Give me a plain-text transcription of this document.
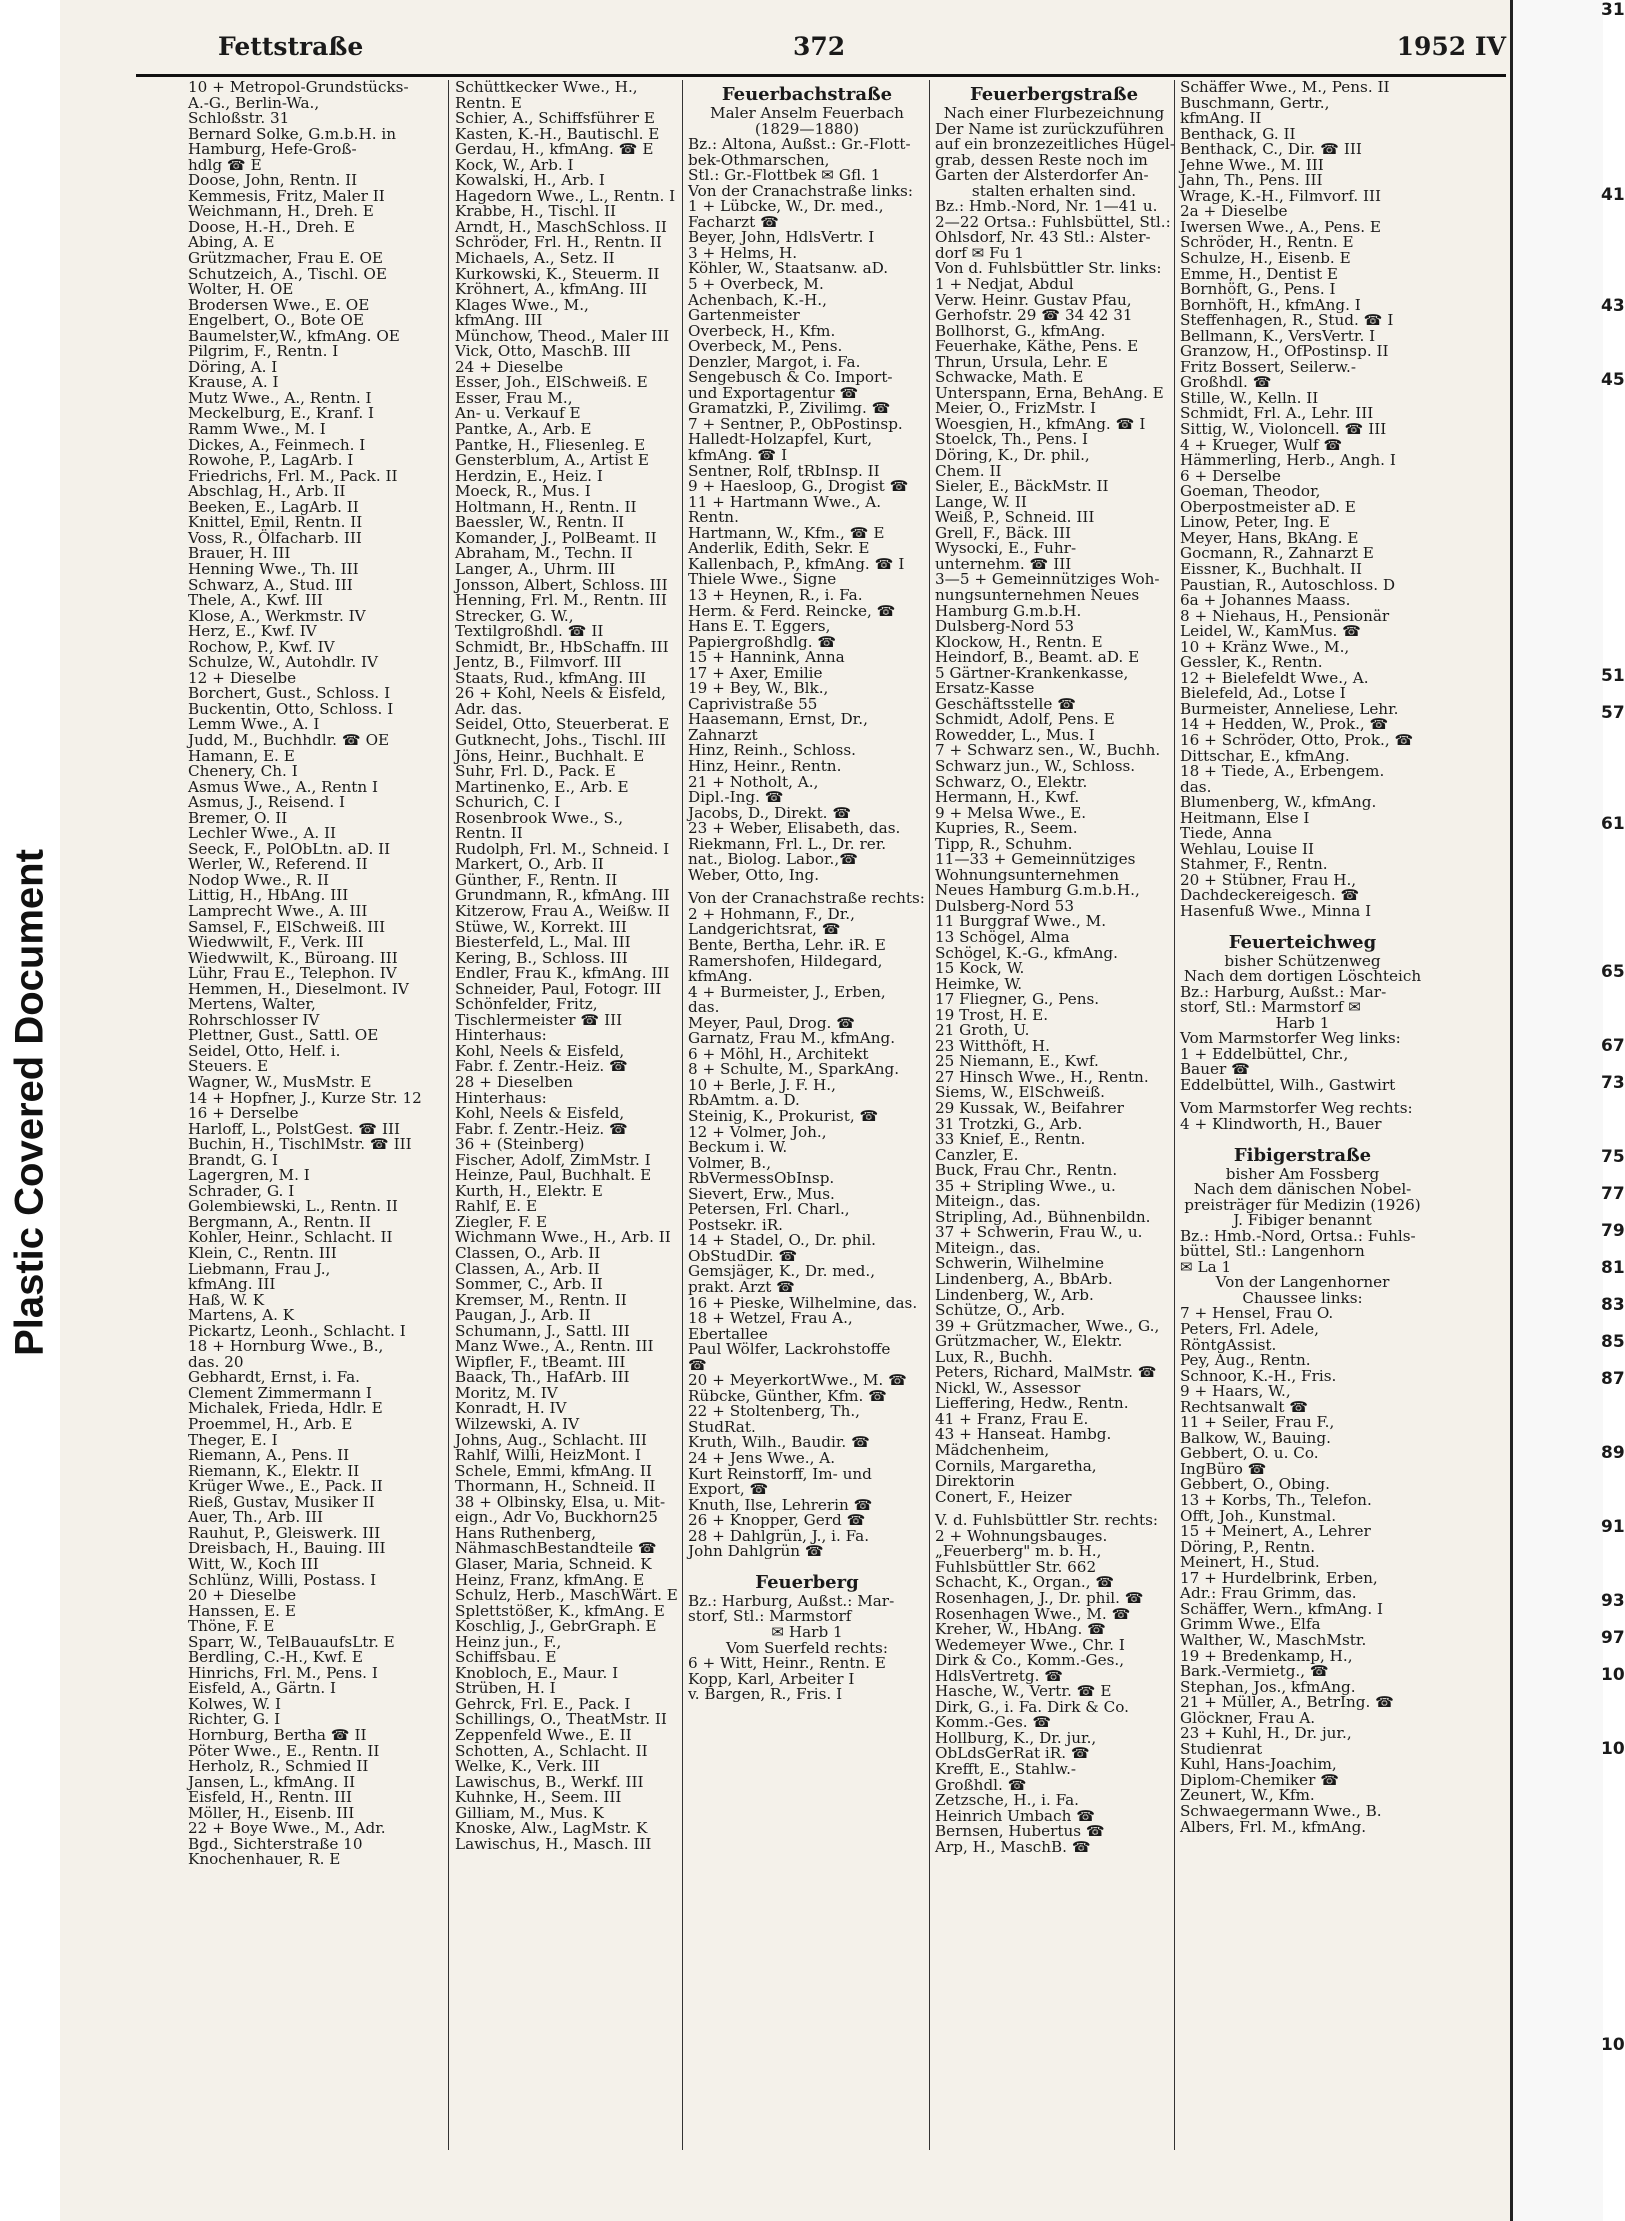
Plastic Covered Document
Fettstraße	372	1952 IV
10 + Metropol-Grundstücks-
A.-G., Berlin-Wa.,
Schloßstr. 31
Bernard Solke, G.m.b.H. in
Hamburg, Hefe-Groß-
hdlg ☎ E
Doose, John, Rentn. II
Kemmesis, Fritz, Maler II
Weichmann, H., Dreh. E
Doose, H.-H., Dreh. E
Abing, A. E
Grützmacher, Frau E. OE
Schutzeich, A., Tischl. OE
Wolter, H. OE
Brodersen Wwe., E. OE
Engelbert, O., Bote OE
Baumelster,W., kfmAng. OE
Pilgrim, F., Rentn. I
Döring, A. I
Krause, A. I
Mutz Wwe., A., Rentn. I
Meckelburg, E., Kranf. I
Ramm Wwe., M. I
Dickes, A., Feinmech. I
Rowohe, P., LagArb. I
Friedrichs, Frl. M., Pack. II
Abschlag, H., Arb. II
Beeken, E., LagArb. II
Knittel, Emil, Rentn. II
Voss, R., Ölfacharb. III
Brauer, H. III
Henning Wwe., Th. III
Schwarz, A., Stud. III
Thele, A., Kwf. III
Klose, A., Werkmstr. IV
Herz, E., Kwf. IV
Rochow, P., Kwf. IV
Schulze, W., Autohdlr. IV
12 + Dieselbe
Borchert, Gust., Schloss. I
Buckentin, Otto, Schloss. I
Lemm Wwe., A. I
Judd, M., Buchhdlr. ☎ OE
Hamann, E. E
Chenery, Ch. I
Asmus Wwe., A., Rentn I
Asmus, J., Reisend. I
Bremer, O. II
Lechler Wwe., A. II
Seeck, F., PolObLtn. aD. II
Werler, W., Referend. II
Nodop Wwe., R. II
Littig, H., HbAng. III
Lamprecht Wwe., A. III
Samsel, F., ElSchweiß. III
Wiedwwilt, F., Verk. III
Wiedwwilt, K., Büroang. III
Lühr, Frau E., Telephon. IV
Hemmen, H., Dieselmont. IV
Mertens, Walter,
Rohrschlosser IV
Plettner, Gust., Sattl. OE
Seidel, Otto, Helf. i.
Steuers. E
Wagner, W., MusMstr. E
14 + Hopfner, J., Kurze Str. 12
16 + Derselbe
Harloff, L., PolstGest. ☎ III
Buchin, H., TischlMstr. ☎ III
Brandt, G. I
Lagergren, M. I
Schrader, G. I
Golembiewski, L., Rentn. II
Bergmann, A., Rentn. II
Kohler, Heinr., Schlacht. II
Klein, C., Rentn. III
Liebmann, Frau J.,
kfmAng. III
Haß, W. K
Martens, A. K
Pickartz, Leonh., Schlacht. I
18 + Hornburg Wwe., B.,
das. 20
Gebhardt, Ernst, i. Fa.
Clement Zimmermann I
Michalek, Frieda, Hdlr. E
Proemmel, H., Arb. E
Theger, E. I
Riemann, A., Pens. II
Riemann, K., Elektr. II
Krüger Wwe., E., Pack. II
Rieß, Gustav, Musiker II
Auer, Th., Arb. III
Rauhut, P., Gleiswerk. III
Dreisbach, H., Bauing. III
Witt, W., Koch III
Schlünz, Willi, Postass. I
20 + Dieselbe
Hanssen, E. E
Thöne, F. E
Sparr, W., TelBauaufsLtr. E
Berdling, C.-H., Kwf. E
Hinrichs, Frl. M., Pens. I
Eisfeld, A., Gärtn. I
Kolwes, W. I
Richter, G. I
Hornburg, Bertha ☎ II
Pöter Wwe., E., Rentn. II
Herholz, R., Schmied II
Jansen, L., kfmAng. II
Eisfeld, H., Rentn. III
Möller, H., Eisenb. III
22 + Boye Wwe., M., Adr.
Bgd., Sichterstraße 10
Knochenhauer, R. E
Schüttkecker Wwe., H.,
Rentn. E
Schier, A., Schiffsführer E
Kasten, K.-H., Bautischl. E
Gerdau, H., kfmAng. ☎ E
Kock, W., Arb. I
Kowalski, H., Arb. I
Hagedorn Wwe., L., Rentn. I
Krabbe, H., Tischl. II
Arndt, H., MaschSchloss. II
Schröder, Frl. H., Rentn. II
Michaels, A., Setz. II
Kurkowski, K., Steuerm. II
Kröhnert, A., kfmAng. III
Klages Wwe., M.,
kfmAng. III
Münchow, Theod., Maler III
Vick, Otto, MaschB. III
24 + Dieselbe
Esser, Joh., ElSchweiß. E
Esser, Frau M.,
An- u. Verkauf E
Pantke, A., Arb. E
Pantke, H., Fliesenleg. E
Gensterblum, A., Artist E
Herdzin, E., Heiz. I
Moeck, R., Mus. I
Holtmann, H., Rentn. II
Baessler, W., Rentn. II
Komander, J., PolBeamt. II
Abraham, M., Techn. II
Langer, A., Uhrm. III
Jonsson, Albert, Schloss. III
Henning, Frl. M., Rentn. III
Strecker, G. W.,
Textilgroßhdl. ☎ II
Schmidt, Br., HbSchaffn. III
Jentz, B., Filmvorf. III
Staats, Rud., kfmAng. III
26 + Kohl, Neels & Eisfeld,
Adr. das.
Seidel, Otto, Steuerberat. E
Gutknecht, Johs., Tischl. III
Jöns, Heinr., Buchhalt. E
Suhr, Frl. D., Pack. E
Martinenko, E., Arb. E
Schurich, C. I
Rosenbrook Wwe., S.,
Rentn. II
Rudolph, Frl. M., Schneid. I
Markert, O., Arb. II
Günther, F., Rentn. II
Grundmann, R., kfmAng. III
Kitzerow, Frau A., Weißw. II
Stüwe, W., Korrekt. III
Biesterfeld, L., Mal. III
Kering, B., Schloss. III
Endler, Frau K., kfmAng. III
Schneider, Paul, Fotogr. III
Schönfelder, Fritz,
Tischlermeister ☎ III
Hinterhaus:
Kohl, Neels & Eisfeld,
Fabr. f. Zentr.-Heiz. ☎
28 + Dieselben
Hinterhaus:
Kohl, Neels & Eisfeld,
Fabr. f. Zentr.-Heiz. ☎
36 + (Steinberg)
Fischer, Adolf, ZimMstr. I
Heinze, Paul, Buchhalt. E
Kurth, H., Elektr. E
Rahlf, E. E
Ziegler, F. E
Wichmann Wwe., H., Arb. II
Classen, O., Arb. II
Classen, A., Arb. II
Sommer, C., Arb. II
Kremser, M., Rentn. II
Paugan, J., Arb. II
Schumann, J., Sattl. III
Manz Wwe., A., Rentn. III
Wipfler, F., tBeamt. III
Baack, Th., HafArb. III
Moritz, M. IV
Konradt, H. IV
Wilzewski, A. IV
Johns, Aug., Schlacht. III
Rahlf, Willi, HeizMont. I
Schele, Emmi, kfmAng. II
Thormann, H., Schneid. II
38 + Olbinsky, Elsa, u. Mit-
eign., Adr Vo, Buckhorn25
Hans Ruthenberg,
NähmaschBestandteile ☎
Glaser, Maria, Schneid. K
Heinz, Franz, kfmAng. E
Schulz, Herb., MaschWärt. E
Splettstößer, K., kfmAng. E
Koschlig, J., GebrGraph. E
Heinz jun., F.,
Schiffsbau. E
Knobloch, E., Maur. I
Strüben, H. I
Gehrck, Frl. E., Pack. I
Schillings, O., TheatMstr. II
Zeppenfeld Wwe., E. II
Schotten, A., Schlacht. II
Welke, K., Verk. III
Lawischus, B., Werkf. III
Kuhnke, H., Seem. III
Gilliam, M., Mus. K
Knoske, Alw., LagMstr. K
Lawischus, H., Masch. III
Feuerbachstraße
Maler Anselm Feuerbach
(1829—1880)
Bz.: Altona, Außst.: Gr.-Flott-
bek-Othmarschen,
Stl.: Gr.-Flottbek ✉ Gfl. 1
Von der Cranachstraße links:
1 + Lübcke, W., Dr. med.,
Facharzt ☎
Beyer, John, HdlsVertr. I
3 + Helms, H.
Köhler, W., Staatsanw. aD.
5 + Overbeck, M.
Achenbach, K.-H.,
Gartenmeister
Overbeck, H., Kfm.
Overbeck, M., Pens.
Denzler, Margot, i. Fa.
Sengebusch & Co. Import-
und Exportagentur ☎
Gramatzki, P., Zivilimg. ☎
7 + Sentner, P., ObPostinsp.
Halledt-Holzapfel, Kurt,
kfmAng. ☎ I
Sentner, Rolf, tRbInsp. II
9 + Haesloop, G., Drogist ☎
11 + Hartmann Wwe., A.
Rentn.
Hartmann, W., Kfm., ☎ E
Anderlik, Edith, Sekr. E
Kallenbach, P., kfmAng. ☎ I
Thiele Wwe., Signe
13 + Heynen, R., i. Fa.
Herm. & Ferd. Reincke, ☎
Hans E. T. Eggers,
Papiergroßhdlg. ☎
15 + Hannink, Anna
17 + Axer, Emilie
19 + Bey, W., Blk.,
Caprivistraße 55
Haasemann, Ernst, Dr.,
Zahnarzt
Hinz, Reinh., Schloss.
Hinz, Heinr., Rentn.
21 + Notholt, A.,
Dipl.-Ing. ☎
Jacobs, D., Direkt. ☎
23 + Weber, Elisabeth, das.
Riekmann, Frl. L., Dr. rer.
nat., Biolog. Labor.,☎
Weber, Otto, Ing.
Von der Cranachstraße rechts:
2 + Hohmann, F., Dr.,
Landgerichtsrat, ☎
Bente, Bertha, Lehr. iR. E
Ramershofen, Hildegard,
kfmAng.
4 + Burmeister, J., Erben,
das.
Meyer, Paul, Drog. ☎
Garnatz, Frau M., kfmAng.
6 + Möhl, H., Architekt
8 + Schulte, M., SparkAng.
10 + Berle, J. F. H.,
RbAmtm. a. D.
Steinig, K., Prokurist, ☎
12 + Volmer, Joh.,
Beckum i. W.
Volmer, B.,
RbVermessObInsp.
Sievert, Erw., Mus.
Petersen, Frl. Charl.,
Postsekr. iR.
14 + Stadel, O., Dr. phil.
ObStudDir. ☎
Gemsjäger, K., Dr. med.,
prakt. Arzt ☎
16 + Pieske, Wilhelmine, das.
18 + Wetzel, Frau A.,
Ebertallee
Paul Wölfer, Lackrohstoffe
☎
20 + MeyerkortWwe., M. ☎
Rübcke, Günther, Kfm. ☎
22 + Stoltenberg, Th.,
StudRat.
Kruth, Wilh., Baudir. ☎
24 + Jens Wwe., A.
Kurt Reinstorff, Im- und
Export, ☎
Knuth, Ilse, Lehrerin ☎
26 + Knopper, Gerd ☎
28 + Dahlgrün, J., i. Fa.
John Dahlgrün ☎
Feuerberg
Bz.: Harburg, Außst.: Mar-
storf, Stl.: Marmstorf
✉ Harb 1
Vom Suerfeld rechts:
6 + Witt, Heinr., Rentn. E
Kopp, Karl, Arbeiter I
v. Bargen, R., Fris. I
Feuerbergstraße
Nach einer Flurbezeichnung
Der Name ist zurückzuführen
auf ein bronzezeitliches Hügel-
grab, dessen Reste noch im
Garten der Alsterdorfer An-
stalten erhalten sind.
Bz.: Hmb.-Nord, Nr. 1—41 u.
2—22 Ortsa.: Fuhlsbüttel, Stl.:
Ohlsdorf, Nr. 43 Stl.: Alster-
dorf ✉ Fu 1
Von d. Fuhlsbüttler Str. links:
1 + Nedjat, Abdul
Verw. Heinr. Gustav Pfau,
Gerhofstr. 29 ☎ 34 42 31
Bollhorst, G., kfmAng.
Feuerhake, Käthe, Pens. E
Thrun, Ursula, Lehr. E
Schwacke, Math. E
Unterspann, Erna, BehAng. E
Meier, O., FrizMstr. I
Woesgien, H., kfmAng. ☎ I
Stoelck, Th., Pens. I
Döring, K., Dr. phil.,
Chem. II
Sieler, E., BäckMstr. II
Lange, W. II
Weiß, P., Schneid. III
Grell, F., Bäck. III
Wysocki, E., Fuhr-
unternehm. ☎ III
3—5 + Gemeinnütziges Woh-
nungsunternehmen Neues
Hamburg G.m.b.H.
Dulsberg-Nord 53
Klockow, H., Rentn. E
Heindorf, B., Beamt. aD. E
5 Gärtner-Krankenkasse,
Ersatz-Kasse
Geschäftsstelle ☎
Schmidt, Adolf, Pens. E
Rowedder, L., Mus. I
7 + Schwarz sen., W., Buchh.
Schwarz jun., W., Schloss.
Schwarz, O., Elektr.
Hermann, H., Kwf.
9 + Melsa Wwe., E.
Kupries, R., Seem.
Tipp, R., Schuhm.
11—33 + Gemeinnütziges
Wohnungsunternehmen
Neues Hamburg G.m.b.H.,
Dulsberg-Nord 53
11 Burggraf Wwe., M.
13 Schögel, Alma
Schögel, K.-G., kfmAng.
15 Kock, W.
Heimke, W.
17 Fliegner, G., Pens.
19 Trost, H. E.
21 Groth, U.
23 Witthöft, H.
25 Niemann, E., Kwf.
27 Hinsch Wwe., H., Rentn.
Siems, W., ElSchweiß.
29 Kussak, W., Beifahrer
31 Trotzki, G., Arb.
33 Knief, E., Rentn.
Canzler, E.
Buck, Frau Chr., Rentn.
35 + Stripling Wwe., u.
Miteign., das.
Stripling, Ad., Bühnenbildn.
37 + Schwerin, Frau W., u.
Miteign., das.
Schwerin, Wilhelmine
Lindenberg, A., BbArb.
Lindenberg, W., Arb.
Schütze, O., Arb.
39 + Grützmacher, Wwe., G.,
Grützmacher, W., Elektr.
Lux, R., Buchh.
Peters, Richard, MalMstr. ☎
Nickl, W., Assessor
Lieffering, Hedw., Rentn.
41 + Franz, Frau E.
43 + Hanseat. Hambg.
Mädchenheim,
Cornils, Margaretha,
Direktorin
Conert, F., Heizer
V. d. Fuhlsbüttler Str. rechts:
2 + Wohnungsbauges.
„Feuerberg" m. b. H.,
Fuhlsbüttler Str. 662
Schacht, K., Organ., ☎
Rosenhagen, J., Dr. phil. ☎
Rosenhagen Wwe., M. ☎
Kreher, W., HbAng. ☎
Wedemeyer Wwe., Chr. I
Dirk & Co., Komm.-Ges.,
HdlsVertretg. ☎
Hasche, W., Vertr. ☎ E
Dirk, G., i. Fa. Dirk & Co.
Komm.-Ges. ☎
Hollburg, K., Dr. jur.,
ObLdsGerRat iR. ☎
Krefft, E., Stahlw.-
Großhdl. ☎
Zetzsche, H., i. Fa.
Heinrich Umbach ☎
Bernsen, Hubertus ☎
Arp, H., MaschB. ☎
Schäffer Wwe., M., Pens. II
Buschmann, Gertr.,
kfmAng. II
Benthack, G. II
Benthack, C., Dir. ☎ III
Jehne Wwe., M. III
Jahn, Th., Pens. III
Wrage, K.-H., Filmvorf. III
2a + Dieselbe
Iwersen Wwe., A., Pens. E
Schröder, H., Rentn. E
Schulze, H., Eisenb. E
Emme, H., Dentist E
Bornhöft, G., Pens. I
Bornhöft, H., kfmAng. I
Steffenhagen, R., Stud. ☎ I
Bellmann, K., VersVertr. I
Granzow, H., OfPostinsp. II
Fritz Bossert, Seilerw.-
Großhdl. ☎
Stille, W., Kelln. II
Schmidt, Frl. A., Lehr. III
Sittig, W., Violoncell. ☎ III
4 + Krueger, Wulf ☎
Hämmerling, Herb., Angh. I
6 + Derselbe
Goeman, Theodor,
Oberpostmeister aD. E
Linow, Peter, Ing. E
Meyer, Hans, BkAng. E
Gocmann, R., Zahnarzt E
Eissner, K., Buchhalt. II
Paustian, R., Autoschloss. D
6a + Johannes Maass.
8 + Niehaus, H., Pensionär
Leidel, W., KamMus. ☎
10 + Kränz Wwe., M.,
Gessler, K., Rentn.
12 + Bielefeldt Wwe., A.
Bielefeld, Ad., Lotse I
Burmeister, Anneliese, Lehr.
14 + Hedden, W., Prok., ☎
16 + Schröder, Otto, Prok., ☎
Dittschar, E., kfmAng.
18 + Tiede, A., Erbengem.
das.
Blumenberg, W., kfmAng.
Heitmann, Else I
Tiede, Anna
Wehlau, Louise II
Stahmer, F., Rentn.
20 + Stübner, Frau H.,
Dachdeckereigesch. ☎
Hasenfuß Wwe., Minna I
Feuerteichweg
bisher Schützenweg
Nach dem dortigen Löschteich
Bz.: Harburg, Außst.: Mar-
storf, Stl.: Marmstorf ✉
Harb 1
Vom Marmstorfer Weg links:
1 + Eddelbüttel, Chr.,
Bauer ☎
Eddelbüttel, Wilh., Gastwirt
Vom Marmstorfer Weg rechts:
4 + Klindworth, H., Bauer
Fibigerstraße
bisher Am Fossberg
Nach dem dänischen Nobel-
preisträger für Medizin (1926)
J. Fibiger benannt
Bz.: Hmb.-Nord, Ortsa.: Fuhls-
büttel, Stl.: Langenhorn
✉ La 1
Von der Langenhorner
Chaussee links:
7 + Hensel, Frau O.
Peters, Frl. Adele,
RöntgAssist.
Pey, Aug., Rentn.
Schnoor, K.-H., Fris.
9 + Haars, W.,
Rechtsanwalt ☎
11 + Seiler, Frau F.,
Balkow, W., Bauing.
Gebbert, O. u. Co.
IngBüro ☎
Gebbert, O., Obing.
13 + Korbs, Th., Telefon.
Offt, Joh., Kunstmal.
15 + Meinert, A., Lehrer
Döring, P., Rentn.
Meinert, H., Stud.
17 + Hurdelbrink, Erben,
Adr.: Frau Grimm, das.
Schäffer, Wern., kfmAng. I
Grimm Wwe., Elfa
Walther, W., MaschMstr.
19 + Bredenkamp, H.,
Bark.-Vermietg., ☎
Stephan, Jos., kfmAng.
21 + Müller, A., BetrIng. ☎
Glöckner, Frau A.
23 + Kuhl, H., Dr. jur.,
Studienrat
Kuhl, Hans-Joachim,
Diplom-Chemiker ☎
Zeunert, W., Kfm.
Schwaegermann Wwe., B.
Albers, Frl. M., kfmAng.
31
41
43
45
51
57
61
65
67
73
75
77
79
81
83
85
87
89
91
93
97
10
10
10
